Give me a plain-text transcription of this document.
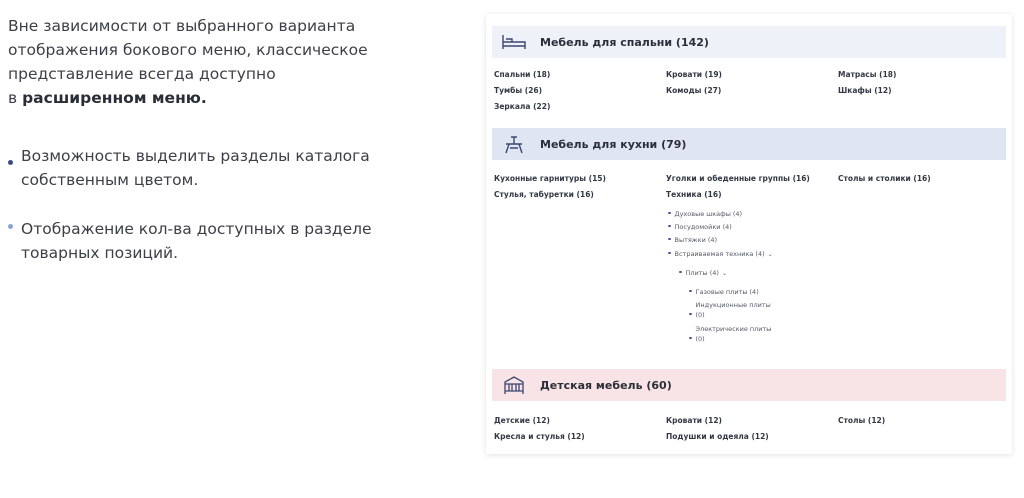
Вне зависимости от выбранного варианта
отображения бокового меню, классическое
представление всегда доступно
в расширенном меню.
Возможность выделить разделы каталога
собственным цветом.
Отображение кол-ва доступных в разделе
товарных позиций.
Мебель для спальни (142)
Спальни (18)	Кровати (19)	Матрасы (18)
Тумбы (26)	Комоды (27)	Шкафы (12)
Зеркала (22)
Мебель для кухни (79)
Кухонные гарнитуры (15)	Уголки и обеденные группы (16)	Столы и столики (16)
Стулья, табуретки (16)	Техника (16)
Духовые шкафы (4)
Посудомойки (4)
Вытяжки (4)
Встраиваемая техника (4) ⌄
Плиты (4) ⌄
Газовые плиты (4)
Индукционные плиты
(0)
Электрические плиты
(0)
Детская мебель (60)
Детские (12)	Кровати (12)	Столы (12)
Кресла и стулья (12)	Подушки и одеяла (12)
